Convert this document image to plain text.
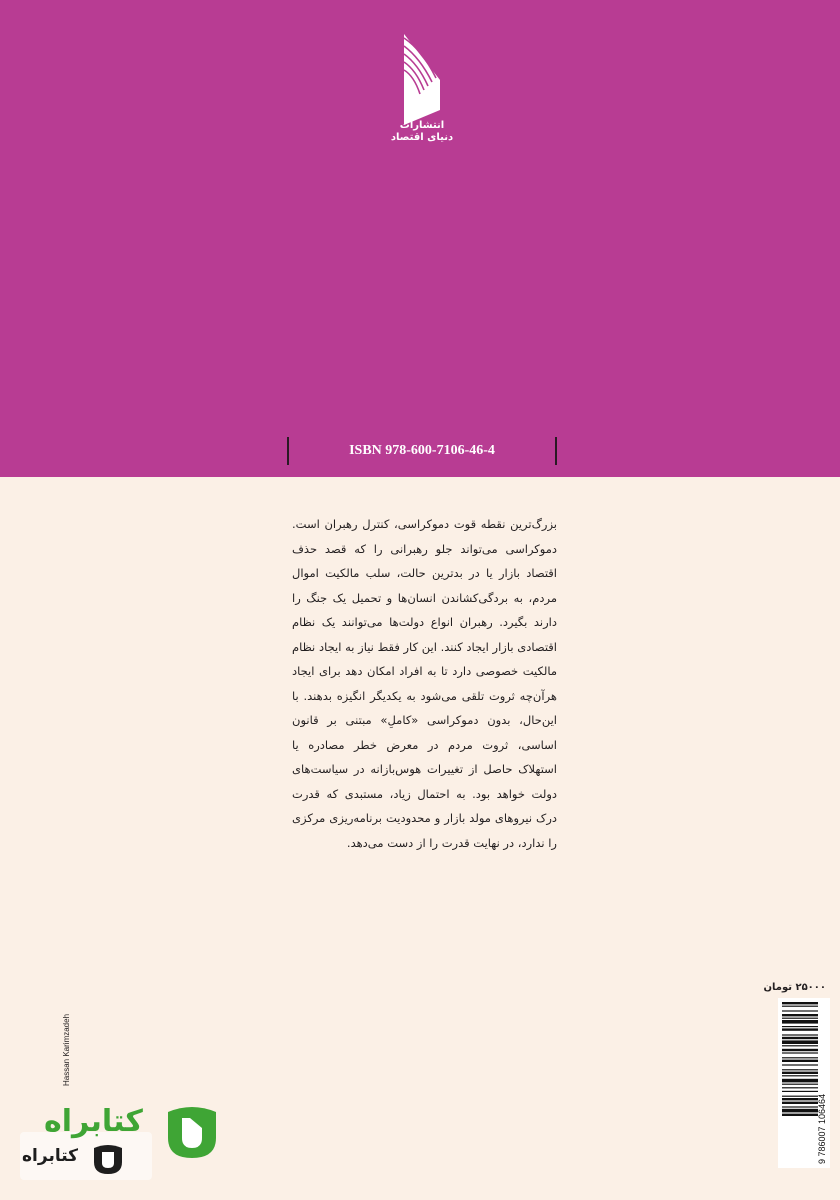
انتشارات
دنیای اقتصاد
ISBN 978-600-7106-46-4
بزرگ‌ترین نقطه قوت دموکراسی، کنترل رهبران است. دموکراسی می‌تواند جلو رهبرانی را که قصد حذف اقتصاد بازار یا در بدترین حالت، سلب مالکیت اموال مردم، به بردگی‌کشاندن انسان‌ها و تحمیل یک جنگ را دارند بگیرد. رهبران انواع دولت‌ها می‌توانند یک نظام اقتصادی بازار ایجاد کنند. این کار فقط نیاز به ایجاد نظام مالکیت خصوصی دارد تا به افراد امکان دهد برای ایجاد هرآن‌چه ثروت تلقی می‌شود به یکدیگر انگیزه بدهند. با این‌حال، بدون دموکراسی «کاملِ» مبتنی بر قانون اساسی، ثروت مردم در معرض خطر مصادره یا استهلاک حاصل از تغییرات هوس‌بازانه در سیاست‌های دولت خواهد بود. به احتمال زیاد، مستبدی که قدرت درک نیروهای مولد بازار و محدودیت برنامه‌ریزی مرکزی را ندارد، در نهایت قدرت را از دست می‌دهد.
۲۵۰۰۰ تومان
9 786007 106464
Hassan Karimzadeh
کتابراه
کتابراه
